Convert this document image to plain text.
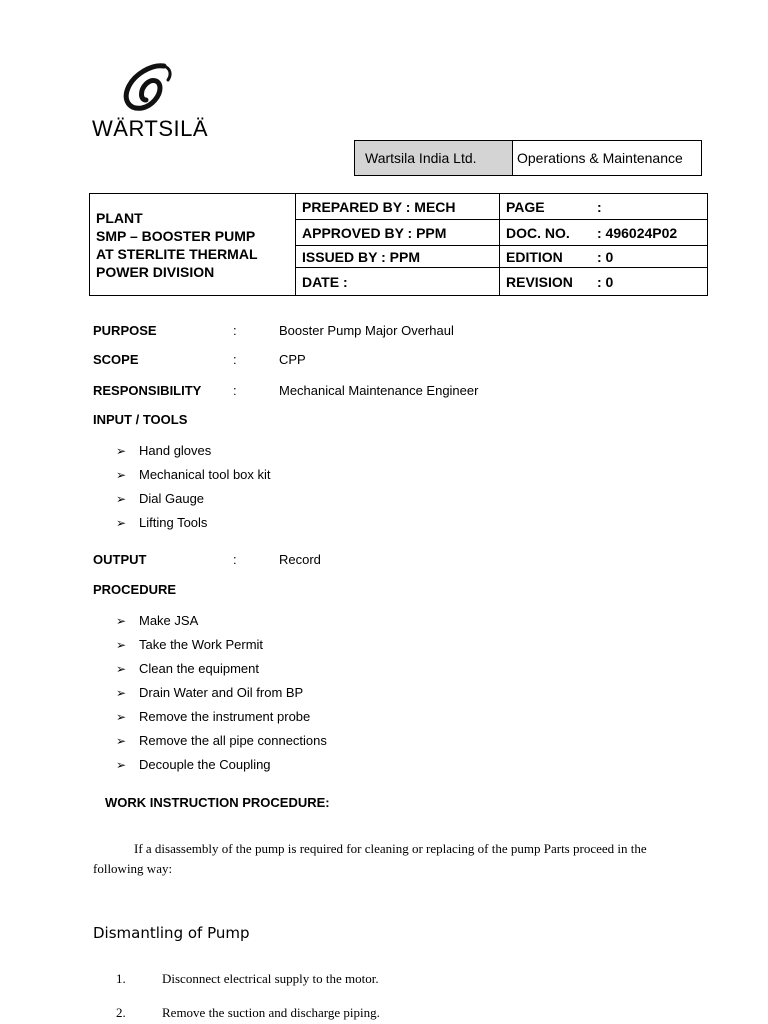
WÄRTSILÄ
Wartsila India Ltd.	Operations & Maintenance
PLANT
SMP – BOOSTER PUMP
AT STERLITE THERMAL
POWER DIVISION	PREPARED BY : MECH	PAGE :
	APPROVED BY : PPM	DOC. NO. : 496024P02
	ISSUED BY : PPM	EDITION : 0
	DATE :	REVISION : 0
PURPOSE	:	Booster Pump Major Overhaul
SCOPE	:	CPP
RESPONSIBILITY :	Mechanical Maintenance Engineer
INPUT / TOOLS
➢ Hand gloves
➢ Mechanical tool box kit
➢ Dial Gauge
➢ Lifting Tools
OUTPUT	:	Record
PROCEDURE
➢ Make JSA
➢ Take the Work Permit
➢ Clean the equipment
➢ Drain Water and Oil from BP
➢ Remove the instrument probe
➢ Remove the all pipe connections
➢ Decouple the Coupling
WORK INSTRUCTION PROCEDURE:
If a disassembly of the pump is required for cleaning or replacing of the pump Parts proceed in the
following way:
Dismantling of Pump
1.	Disconnect electrical supply to the motor.
2.	Remove the suction and discharge piping.
